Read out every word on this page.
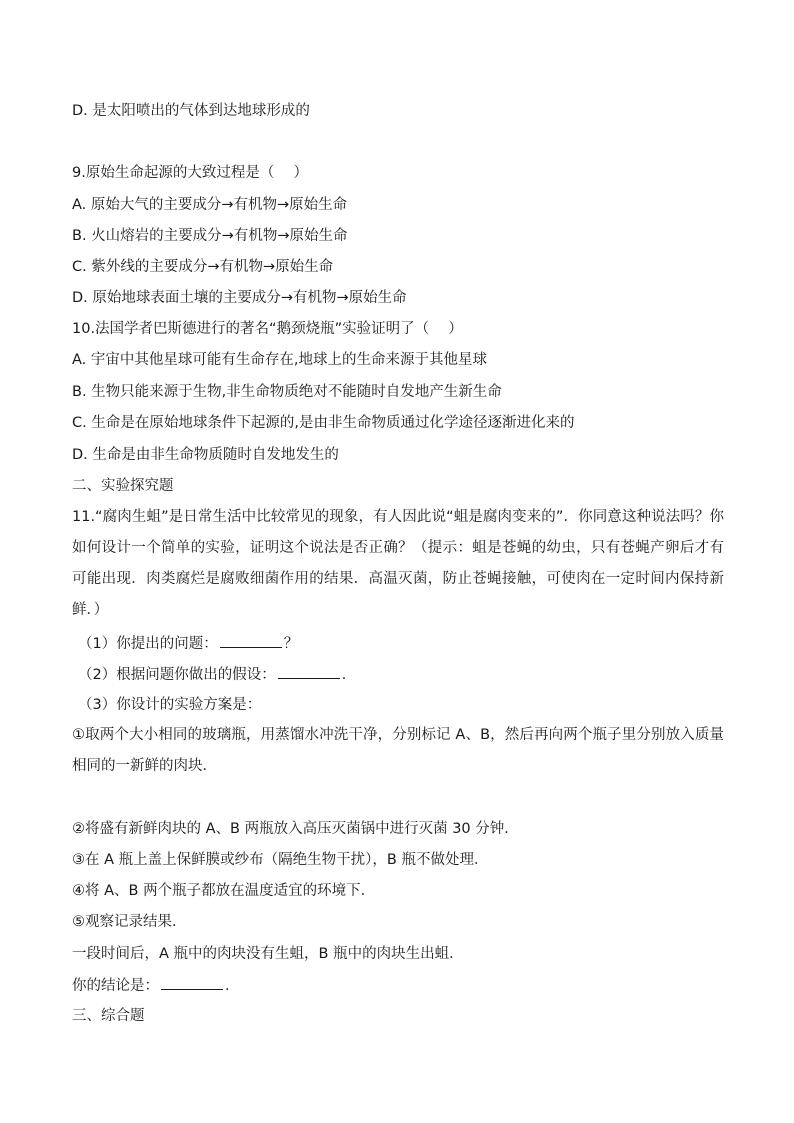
D. 是太阳喷出的气体到达地球形成的
9.原始生命起源的大致过程是（　 ）
A. 原始大气的主要成分→有机物→原始生命
B. 火山熔岩的主要成分→有机物→原始生命
C. 紫外线的主要成分→有机物→原始生命
D. 原始地球表面土壤的主要成分→有机物→原始生命
10.法国学者巴斯德进行的著名“鹅颈烧瓶”实验证明了（　 ）
A. 宇宙中其他星球可能有生命存在,地球上的生命来源于其他星球
B. 生物只能来源于生物,非生命物质绝对不能随时自发地产生新生命
C. 生命是在原始地球条件下起源的,是由非生命物质通过化学途径逐渐进化来的
D. 生命是由非生命物质随时自发地发生的
二、实验探究题
11.“腐肉生蛆”是日常生活中比较常见的现象，有人因此说“蛆是腐肉变来的”．你同意这种说法吗？你如何设计一个简单的实验，证明这个说法是否正确？（提示：蛆是苍蝇的幼虫，只有苍蝇产卵后才有可能出现．肉类腐烂是腐败细菌作用的结果．高温灭菌，防止苍蝇接触，可使肉在一定时间内保持新鲜．）
（1）你提出的问题：	？
（2）根据问题你做出的假设：	．
（3）你设计的实验方案是：
①取两个大小相同的玻璃瓶，用蒸馏水冲洗干净，分别标记 A、B，然后再向两个瓶子里分别放入质量相同的一新鲜的肉块．
②将盛有新鲜肉块的 A、B 两瓶放入高压灭菌锅中进行灭菌 30 分钟．
③在 A 瓶上盖上保鲜膜或纱布（隔绝生物干扰），B 瓶不做处理．
④将 A、B 两个瓶子都放在温度适宜的环境下．
⑤观察记录结果．
一段时间后，A 瓶中的肉块没有生蛆，B 瓶中的肉块生出蛆．
你的结论是：	．
三、综合题
